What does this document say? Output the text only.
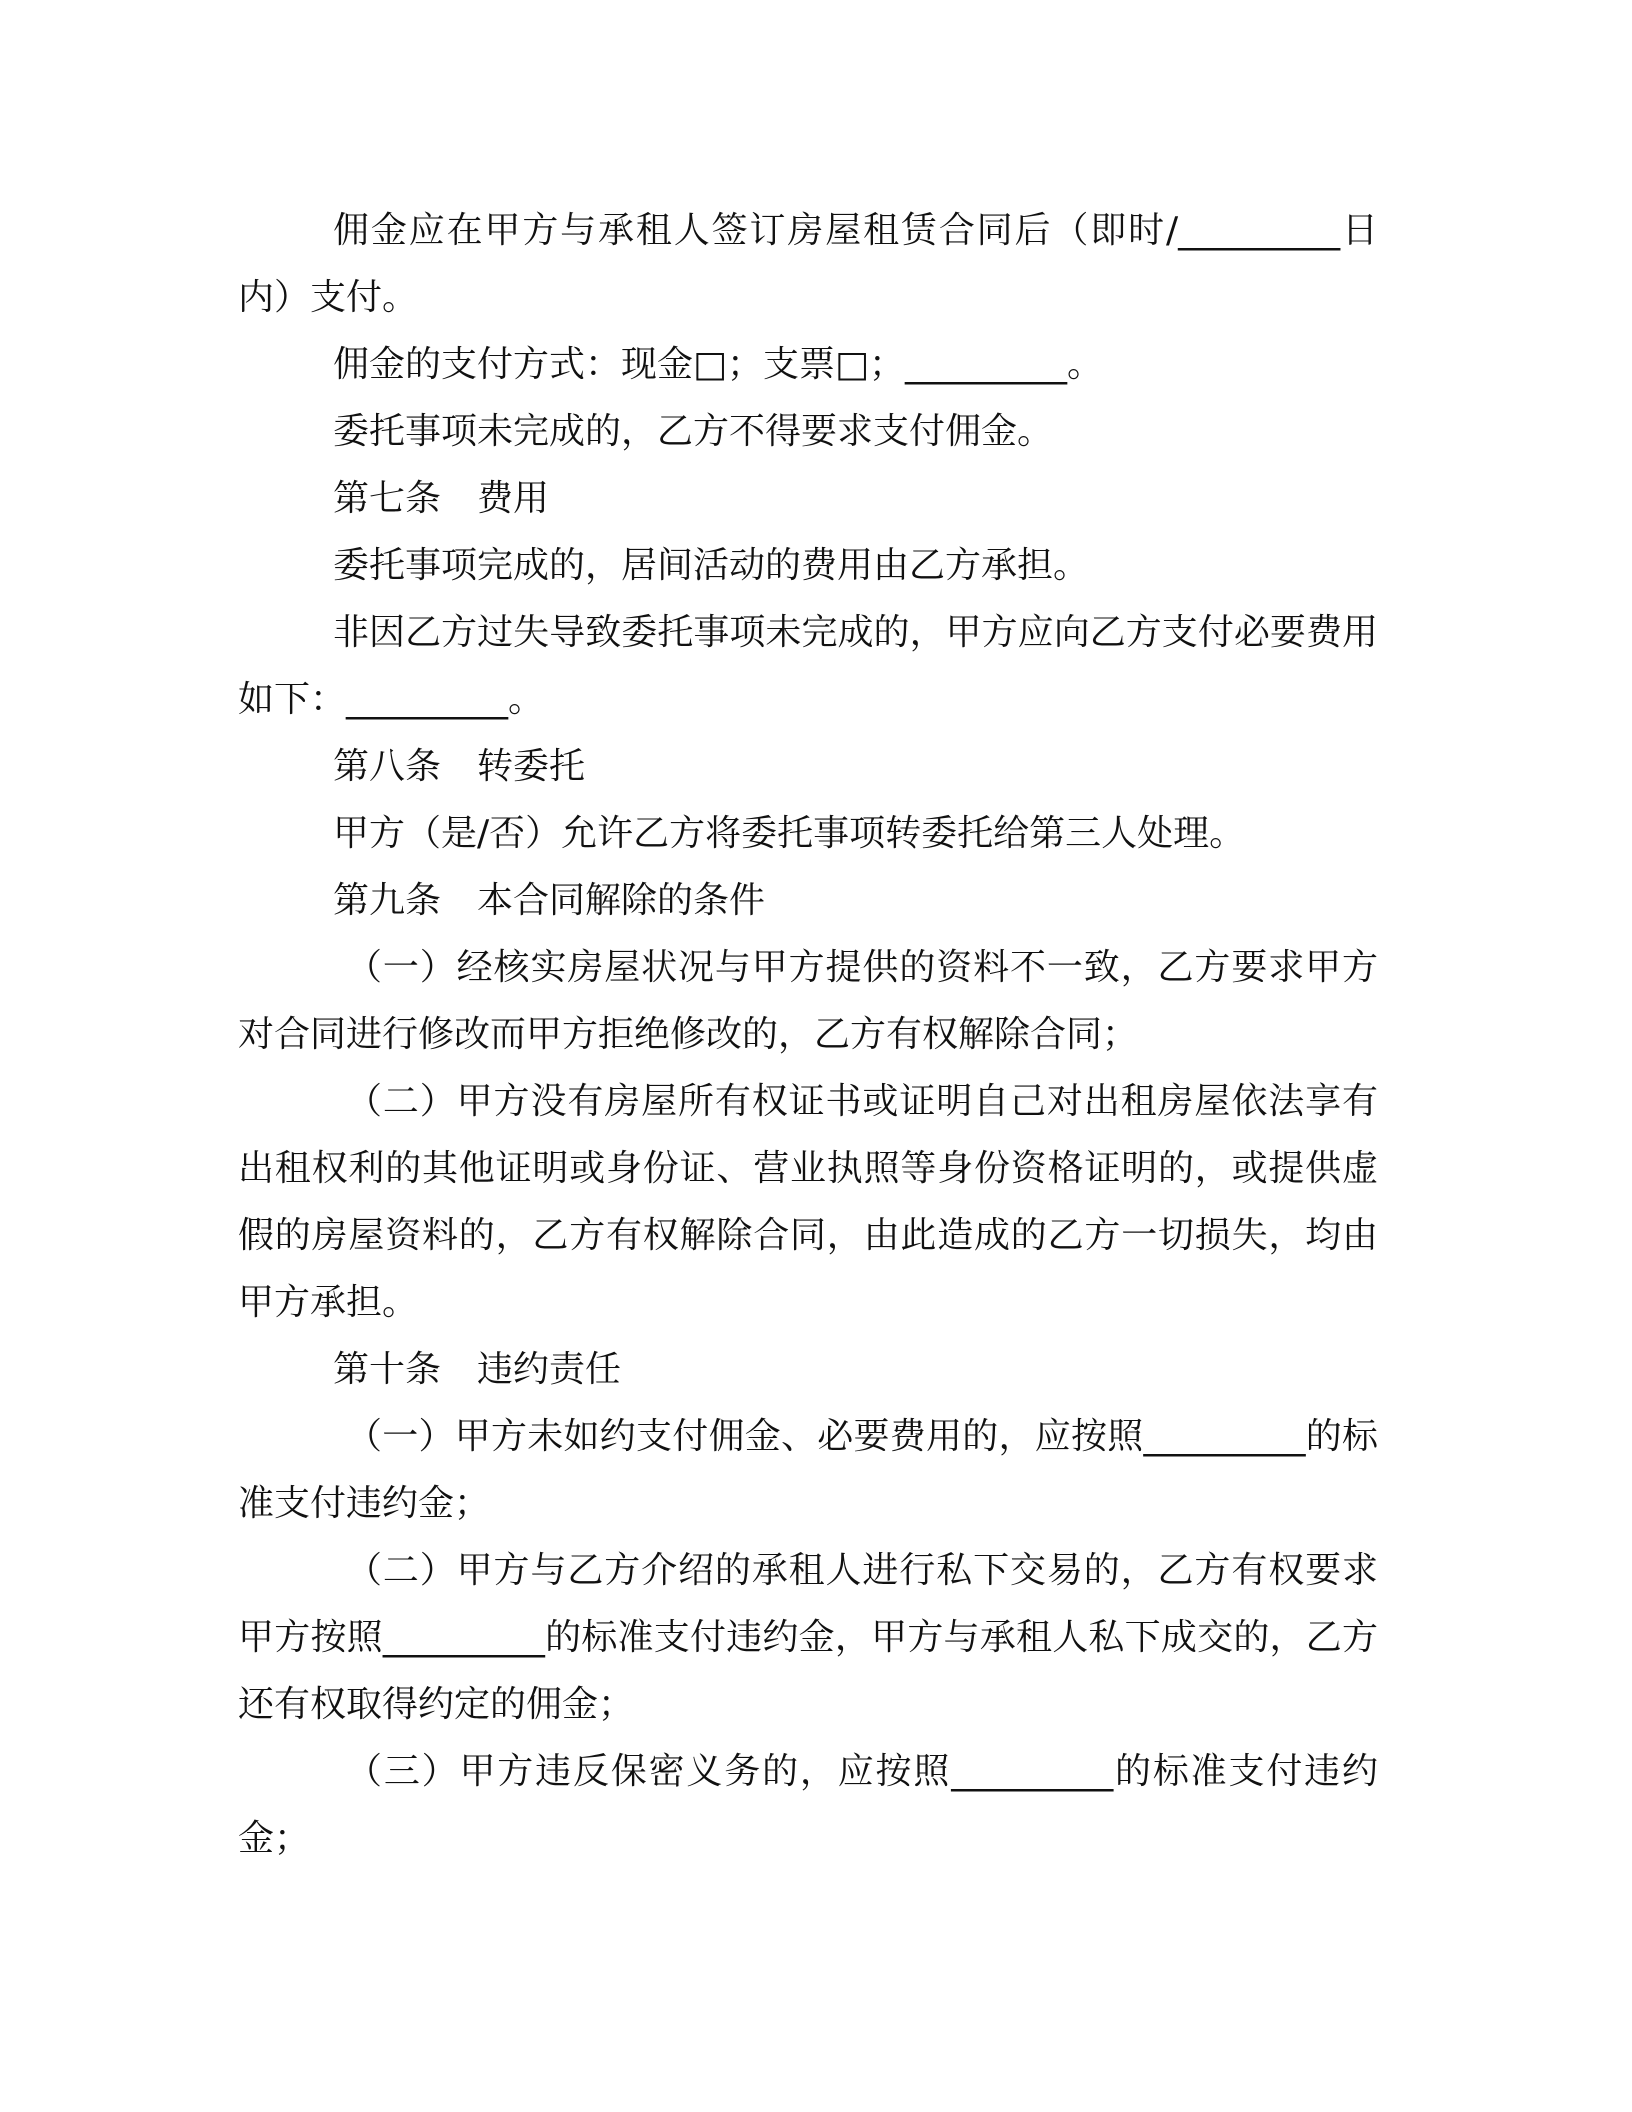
佣金应在甲方与承租人签订房屋租赁合同后（即时/_________日内）支付。

佣金的支付方式：现金□；支票□；_________。

委托事项未完成的，乙方不得要求支付佣金。

第七条　费用

委托事项完成的，居间活动的费用由乙方承担。

非因乙方过失导致委托事项未完成的，甲方应向乙方支付必要费用如下：_________。

第八条　转委托

甲方（是/否）允许乙方将委托事项转委托给第三人处理。

第九条　本合同解除的条件

（一）经核实房屋状况与甲方提供的资料不一致，乙方要求甲方对合同进行修改而甲方拒绝修改的，乙方有权解除合同；

（二）甲方没有房屋所有权证书或证明自己对出租房屋依法享有出租权利的其他证明或身份证、营业执照等身份资格证明的，或提供虚假的房屋资料的，乙方有权解除合同，由此造成的乙方一切损失，均由甲方承担。

第十条　违约责任

（一）甲方未如约支付佣金、必要费用的，应按照_________的标准支付违约金；

（二）甲方与乙方介绍的承租人进行私下交易的，乙方有权要求甲方按照_________的标准支付违约金，甲方与承租人私下成交的，乙方还有权取得约定的佣金；

（三）甲方违反保密义务的，应按照_________的标准支付违约金；
